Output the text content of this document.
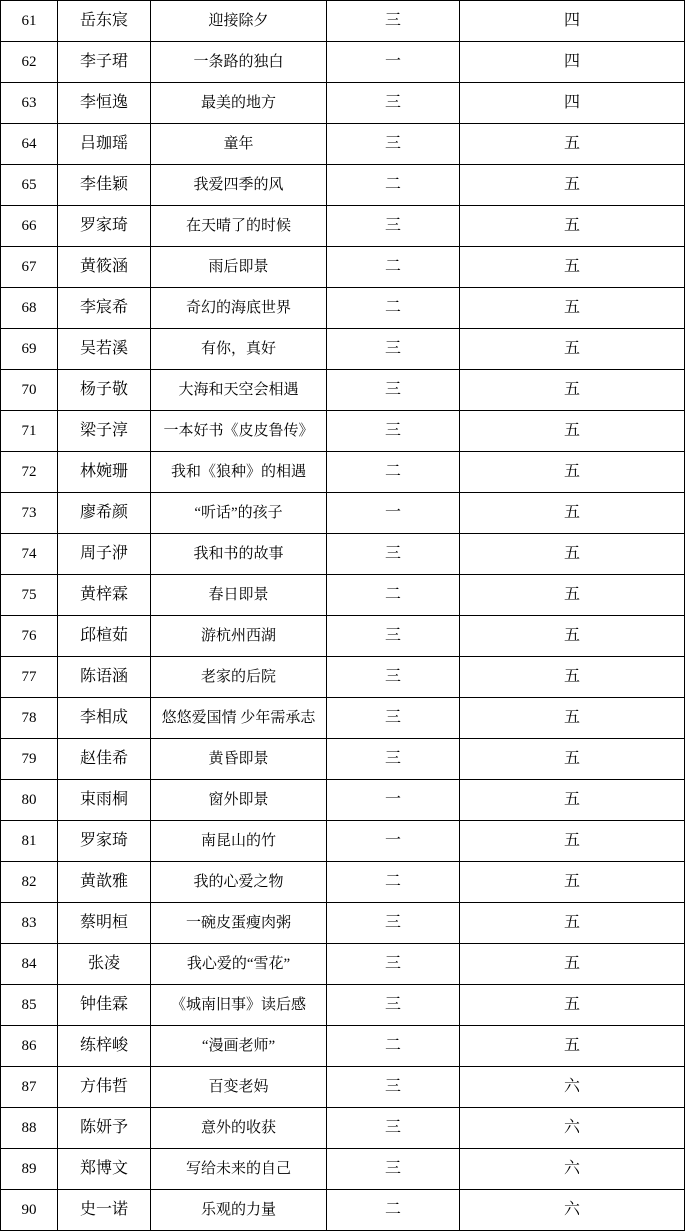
61	岳东宸	迎接除夕	三	四
62	李子珺	一条路的独白	一	四
63	李恒逸	最美的地方	三	四
64	吕珈瑶	童年	三	五
65	李佳颖	我爱四季的风	二	五
66	罗家琦	在天晴了的时候	三	五
67	黄筱涵	雨后即景	二	五
68	李宸希	奇幻的海底世界	二	五
69	吴若溪	有你，真好	三	五
70	杨子敬	大海和天空会相遇	三	五
71	梁子淳	一本好书《皮皮鲁传》	三	五
72	林婉珊	我和《狼种》的相遇	二	五
73	廖希颜	“听话”的孩子	一	五
74	周子洢	我和书的故事	三	五
75	黄梓霖	春日即景	二	五
76	邱楦茹	游杭州西湖	三	五
77	陈语涵	老家的后院	三	五
78	李相成	悠悠爱国情 少年需承志	三	五
79	赵佳希	黄昏即景	三	五
80	束雨桐	窗外即景	一	五
81	罗家琦	南昆山的竹	一	五
82	黄歆雅	我的心爱之物	二	五
83	蔡明桓	一碗皮蛋瘦肉粥	三	五
84	张凌	我心爱的“雪花”	三	五
85	钟佳霖	《城南旧事》读后感	三	五
86	练梓峻	“漫画老师”	二	五
87	方伟哲	百变老妈	三	六
88	陈妍予	意外的收获	三	六
89	郑博文	写给未来的自己	三	六
90	史一诺	乐观的力量	二	六
